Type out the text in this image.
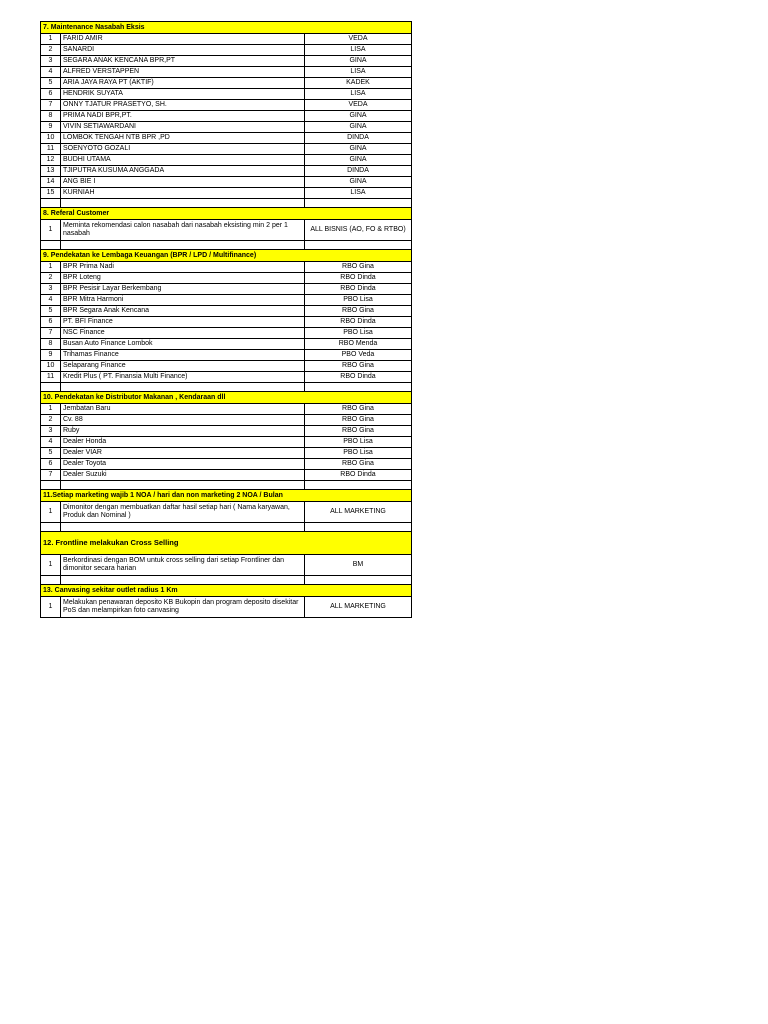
7. Maintenance Nasabah Eksis		
1	FARID AMIR	VEDA
2	SANARDI	LISA
3	SEGARA ANAK KENCANA BPR,PT	GINA
4	ALFRED VERSTAPPEN	LISA
5	ARIA JAYA RAYA PT (AKTIF)	KADEK
6	HENDRIK SUYATA	LISA
7	ONNY TJATUR PRASETYO, SH.	VEDA
8	PRIMA NADI BPR,PT.	GINA
9	VIVIN SETIAWARDANI	GINA
10	LOMBOK TENGAH NTB BPR ,PD	DINDA
11	SOENYOTO GOZALI	GINA
12	BUDHI UTAMA	GINA
13	TJIPUTRA KUSUMA ANGGADA	DINDA
14	ANG BIE I	GINA
15	KURNIAH	LISA

8. Referal Customer		
1	Meminta rekomendasi calon nasabah dari nasabah eksisting min 2 per 1 nasabah	ALL BISNIS (AO, FO & RTBO)

9. Pendekatan ke Lembaga Keuangan (BPR / LPD / Multifinance)		
1	BPR Prima Nadi	RBO Gina
2	BPR Loteng	RBO Dinda
3	BPR Pesisir Layar Berkembang	RBO Dinda
4	BPR Mitra Harmoni	PBO Lisa
5	BPR Segara Anak Kencana	RBO Gina
6	PT. BFI Finance	RBO Dinda
7	NSC Finance	PBO Lisa
8	Busan Auto Finance Lombok	RBO Menda
9	Trihamas Finance	PBO Veda
10	Selaparang Finance	RBO Gina
11	Kredit Plus ( PT. Finansia Multi Finance)	RBO Dinda

10. Pendekatan ke Distributor Makanan , Kendaraan dll		
1	Jembatan Baru	RBO Gina
2	Cv. 88	RBO Gina
3	Ruby	RBO Gina
4	Dealer Honda	PBO Lisa
5	Dealer VIAR	PBO Lisa
6	Dealer Toyota	RBO Gina
7	Dealer Suzuki	RBO Dinda

11.Setiap marketing wajib 1 NOA / hari dan non marketing 2 NOA / Bulan		
1	Dimonitor dengan membuatkan daftar hasil setiap hari ( Nama karyawan, Produk dan Nominal )	ALL MARKETING

12. Frontline melakukan Cross Selling		
1	Berkordinasi dengan BOM untuk cross selling dari setiap Frontliner dan dimonitor secara harian	BM

13. Canvasing sekitar outlet radius 1 Km		
1	Melakukan penawaran deposito KB Bukopin dan program deposito disekitar PoS dan melampirkan foto canvasing	ALL MARKETING
